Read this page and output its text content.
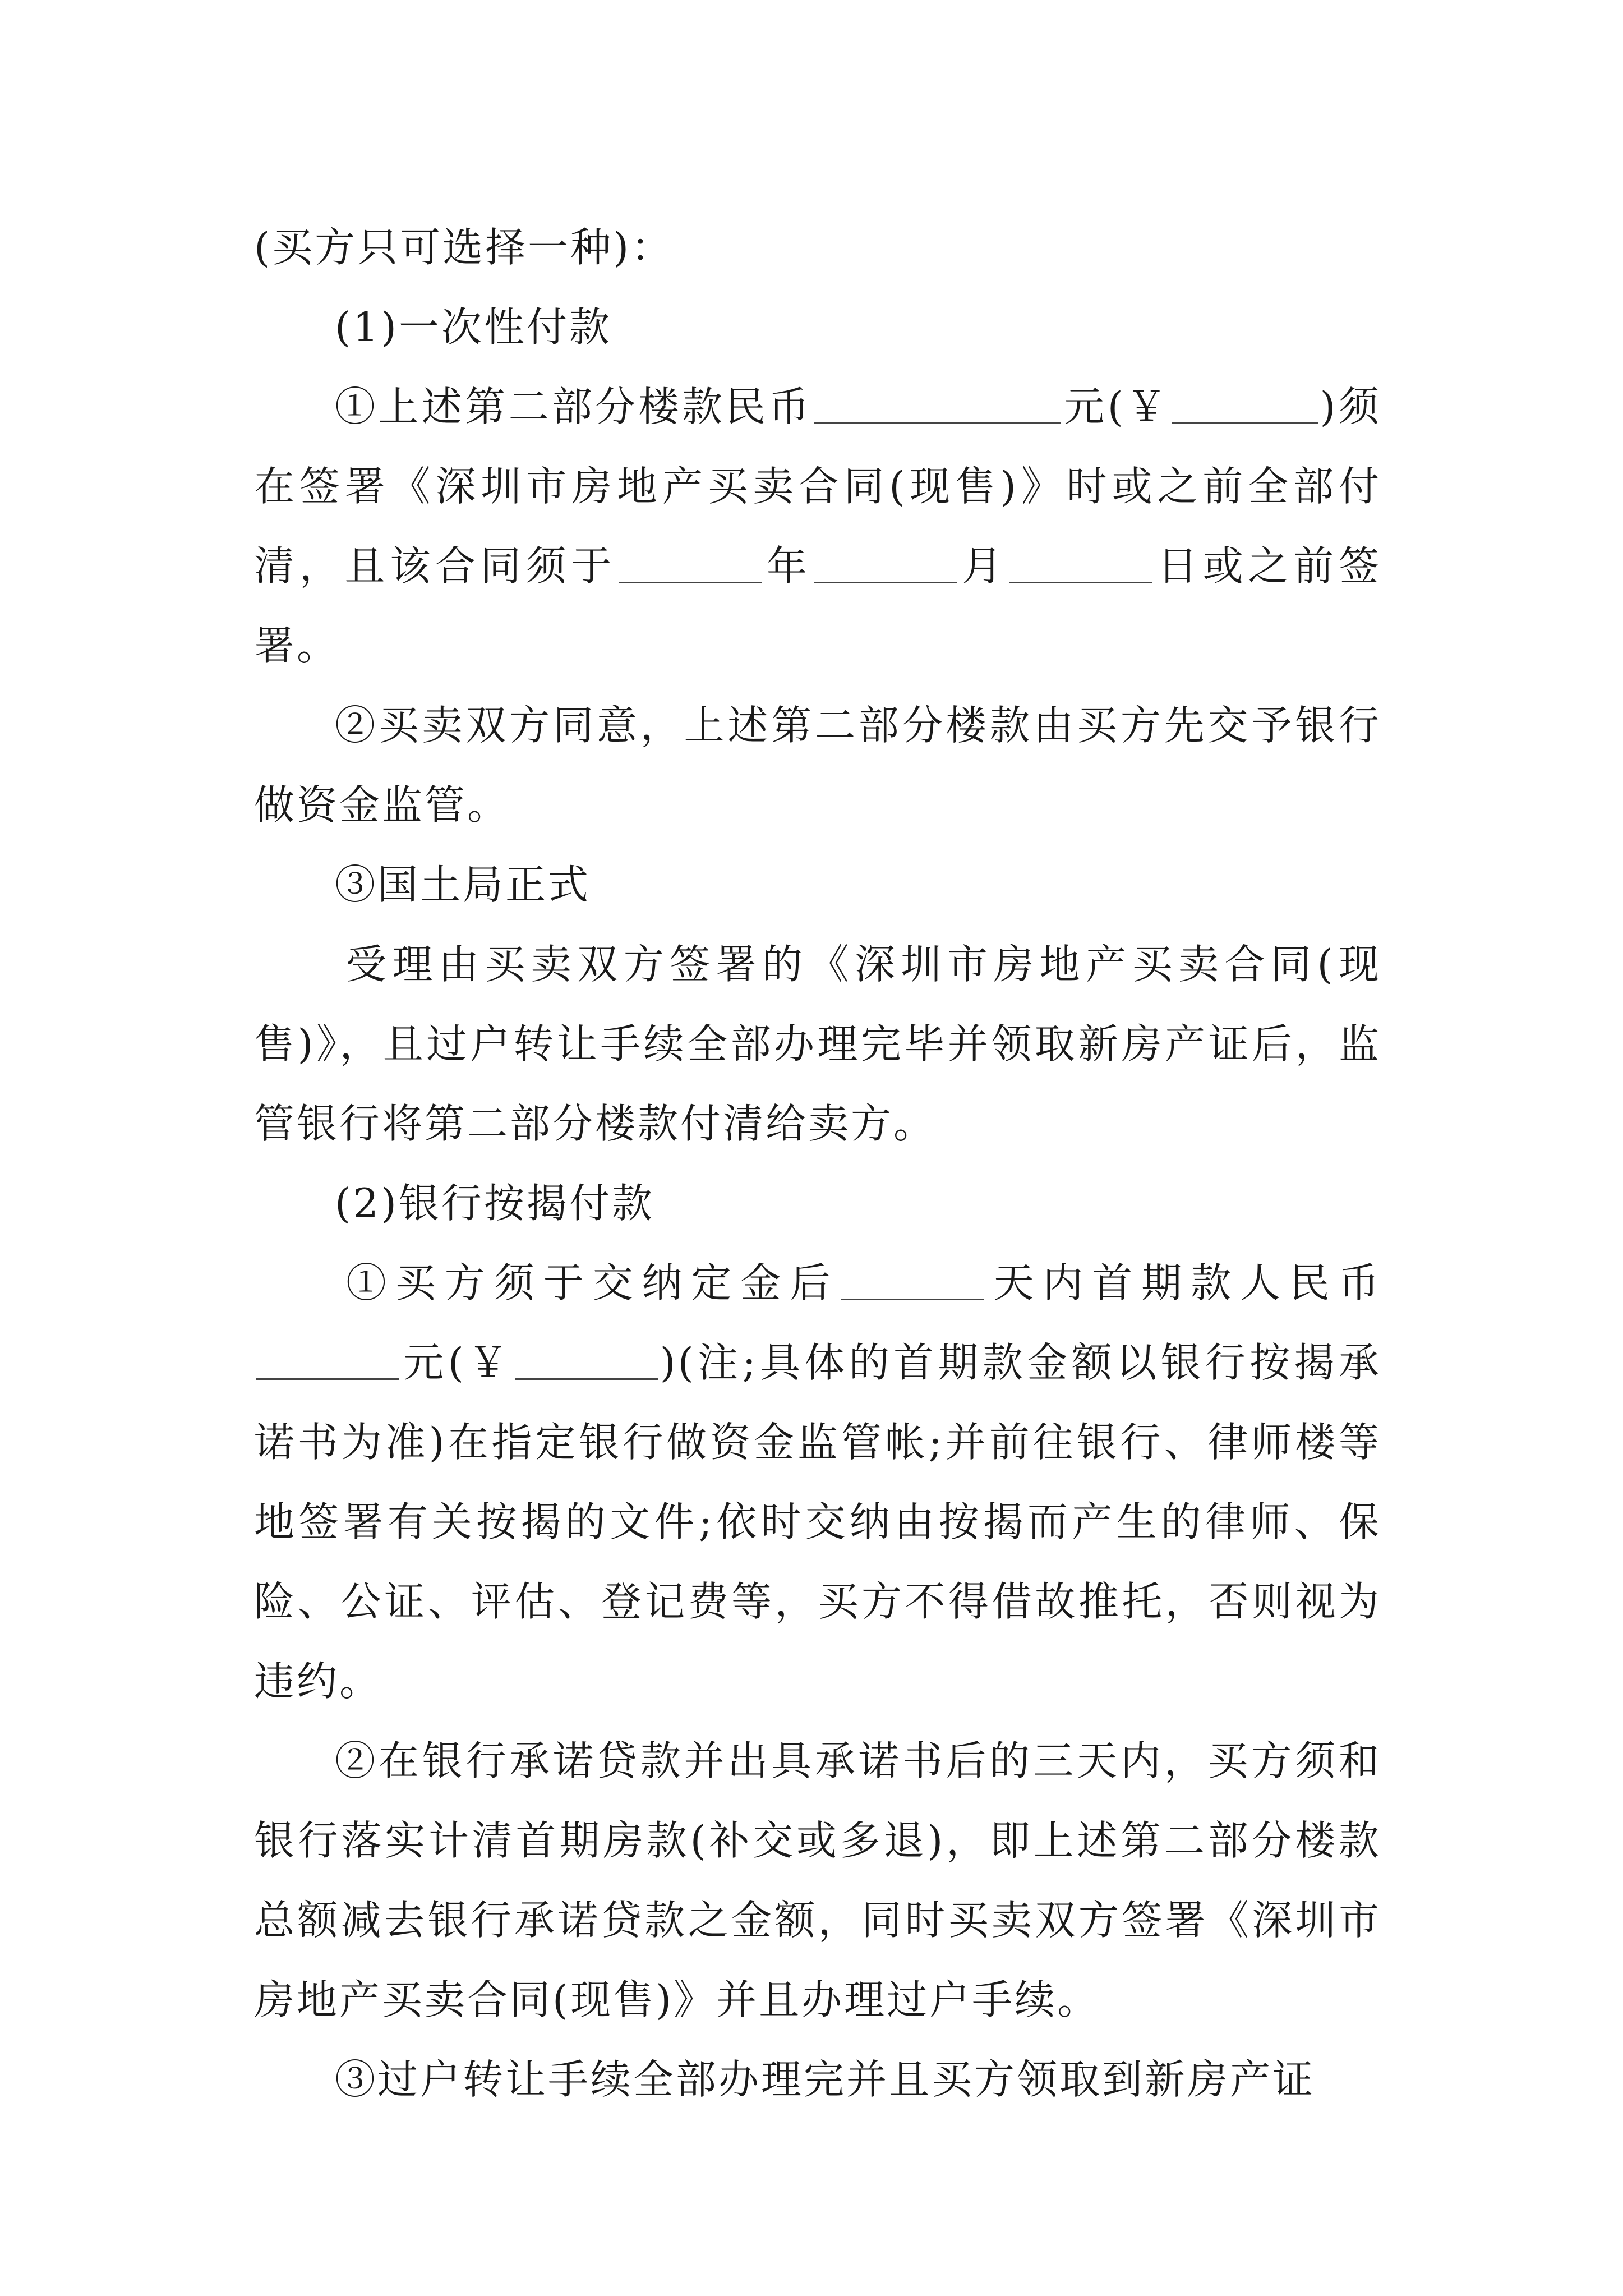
(买方只可选择一种)：

(1)一次性付款

①上述第二部分楼款民币	元(￥	)须在签署《深圳市房地产买卖合同(现售)》时或之前全部付清，且该合同须于	年	月	日或之前签署。

②买卖双方同意，上述第二部分楼款由买方先交予银行做资金监管。

③国土局正式

受理由买卖双方签署的《深圳市房地产买卖合同(现售)》，且过户转让手续全部办理完毕并领取新房产证后，监管银行将第二部分楼款付清给卖方。

(2)银行按揭付款

①买方须于交纳定金后	天内首期款人民币元(￥	)(注;具体的首期款金额以银行按揭承诺书为准)在指定银行做资金监管帐;并前往银行、律师楼等地签署有关按揭的文件;依时交纳由按揭而产生的律师、保险、公证、评估、登记费等，买方不得借故推托，否则视为违约。

②在银行承诺贷款并出具承诺书后的三天内，买方须和银行落实计清首期房款(补交或多退)，即上述第二部分楼款总额减去银行承诺贷款之金额，同时买卖双方签署《深圳市房地产买卖合同(现售)》并且办理过户手续。

③过户转让手续全部办理完并且买方领取到新房产证
